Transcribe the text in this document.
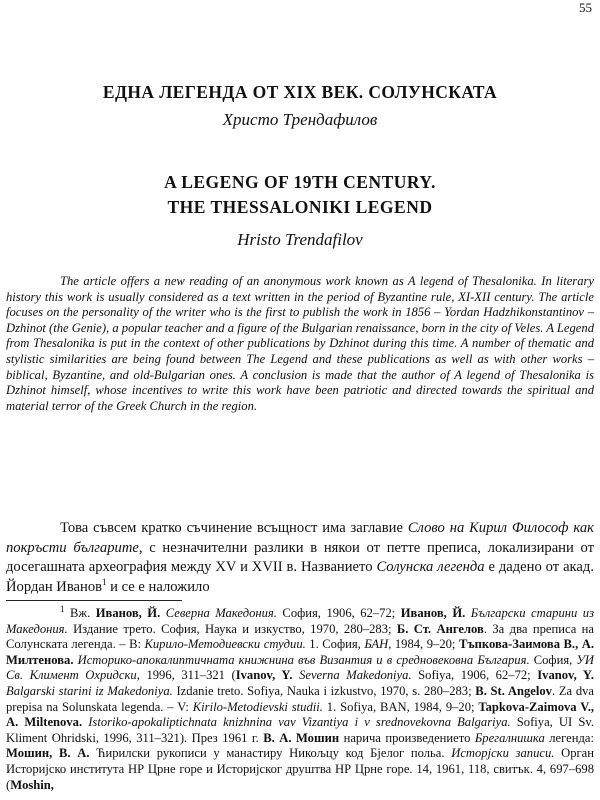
55
ЕДНА ЛЕГЕНДА ОТ XIX ВЕК. СОЛУНСКАТА
Христо Трендафилов
A LEGENG OF 19TH CENTURY.
THE THESSALONIKI LEGEND
Hristo Trendafilov

The article offers a new reading of an anonymous work known as A legend of Thesalonika. In literary history this work is usually considered as a text written in the period of Byzantine rule, XI-XII century. The article focuses on the personality of the writer who is the first to publish the work in 1856 – Yordan Hadzhikonstantinov – Dzhinot (the Genie), a popular teacher and a figure of the Bulgarian renaissance, born in the city of Veles. A Legend from Thesalonika is put in the context of other publications by Dzhinot during this time. A number of thematic and stylistic similarities are being found between The Legend and these publications as well as with other works – biblical, Byzantine, and old-Bulgarian ones. A conclusion is made that the author of A legend of Thesalonika is Dzhinot himself, whose incentives to write this work have been patriotic and directed towards the spiritual and material terror of the Greek Church in the region.

Това съвсем кратко съчинение всъщност има заглавие Слово на Кирил Философ как покръсти българите, с незначителни разлики в някои от петте преписа, локализирани от досегашната археография между XV и XVII в. Названието Солунска легенда е дадено от акад. Йордан Иванов$^1$ и се е наложило

$^1$ Вж. Иванов, Й. Северна Македония. София, 1906, 62–72; Иванов, Й. Български старини из Македония. Издание трето. София, Наука и изкуство, 1970, 280–283; Б. Ст. Ангелов. За два преписа на Солунската легенда. – В: Кирило-Методиевски студии. 1. София, БАН, 1984, 9–20; Тъпкова-Заимова В., А. Милтенова. Историко-апокалиптичната книжнина във Византия и в средновековна България. София, УИ Св. Климент Охридски, 1996, 311–321 (Ivanov, Y. Severna Makedoniya. Sofiya, 1906, 62–72; Ivanov, Y. Balgarski starini iz Makedoniya. Izdanie treto. Sofiya, Nauka i izkustvo, 1970, s. 280–283; B. St. Angelov. Za dva prepisa na Solunskata legenda. – V: Kirilo-Metodievski studii. 1. Sofiya, BAN, 1984, 9–20; Tapkova-Zaimova V., A. Miltenova. Istoriko-apokaliptichnata knizhnina vav Vizantiya i v srednovekovna Balgariya. Sofiya, UI Sv. Kliment Ohridski, 1996, 311–321). През 1961 г. В. А. Мошин нарича произведението Брегалнишка легенда: Мошин, В. А. Ћирилски рукописи у манастиру Никољцу код Бјелог польа. Исторјски записи. Орган Историјско института НР Црне горе и Историјског друштва НР Црне горе. 14, 1961, 118, свитък. 4, 697–698 (Moshin,
